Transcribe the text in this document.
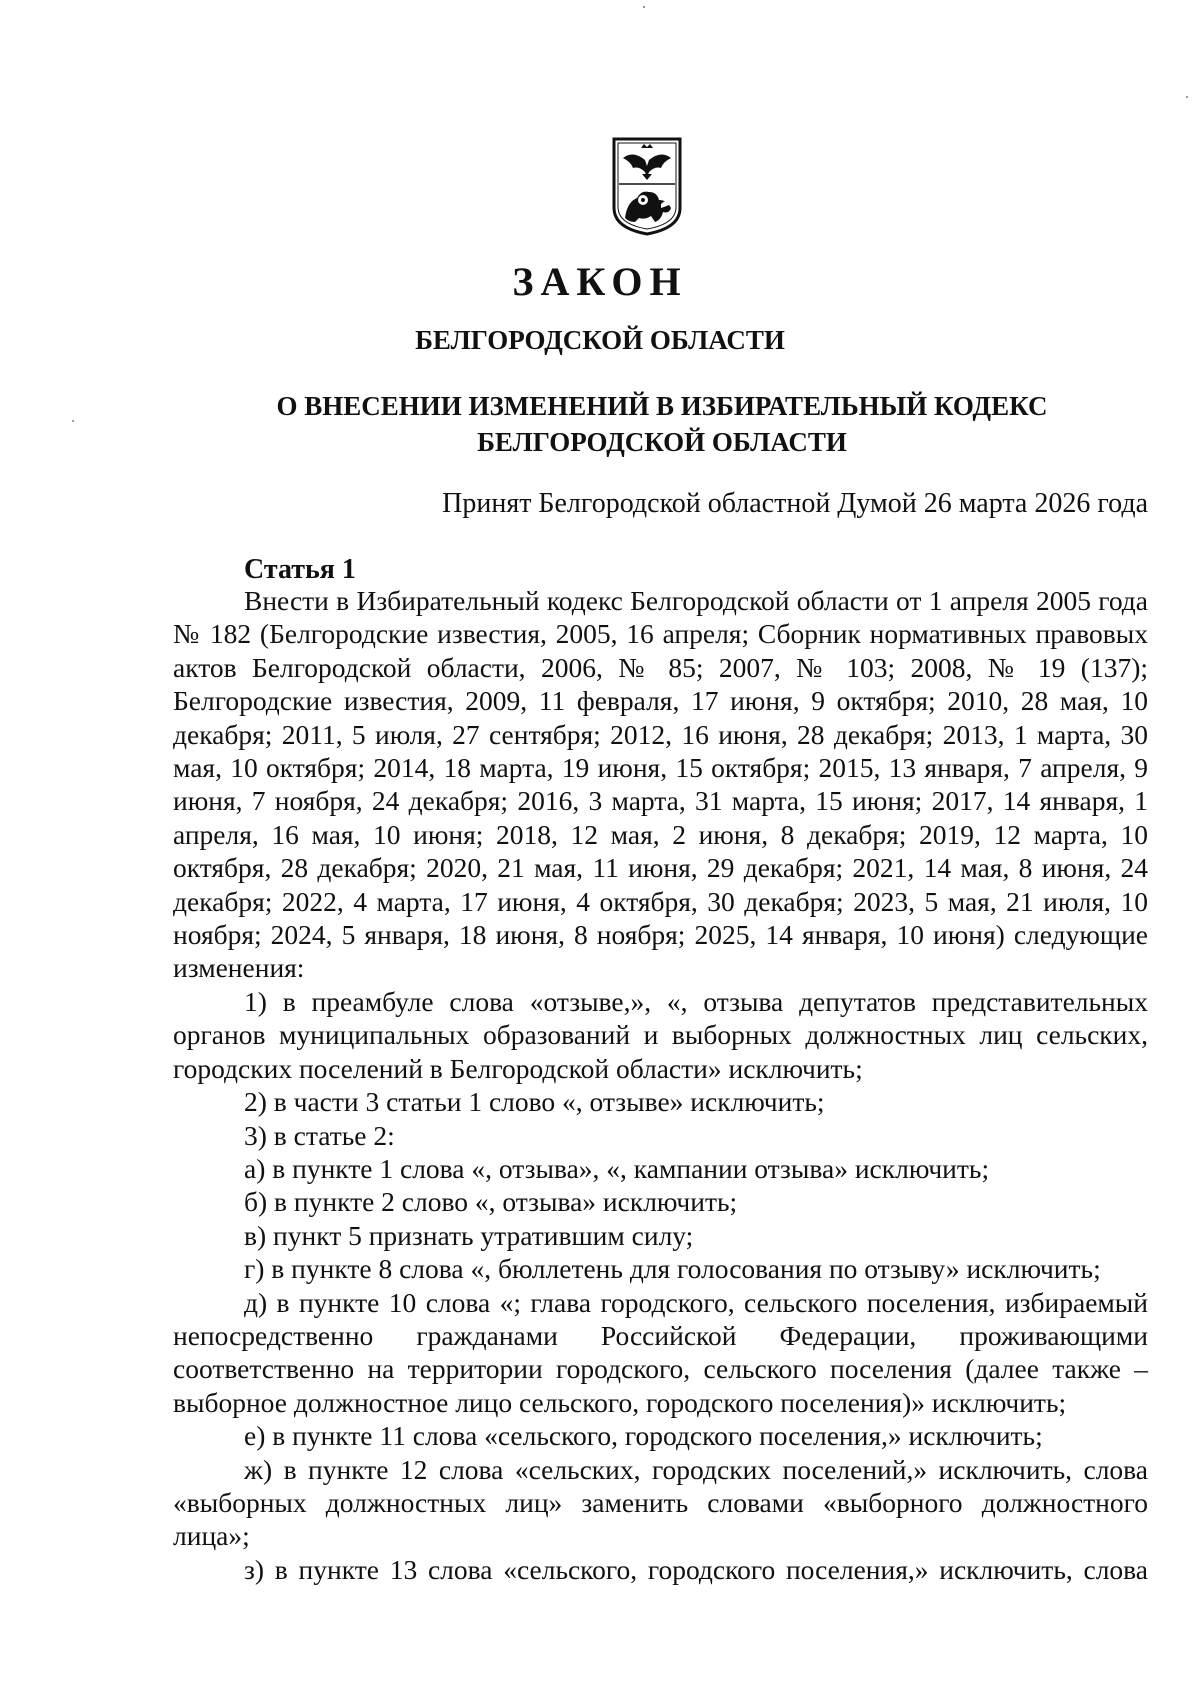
ЗАКОН
БЕЛГОРОДСКОЙ ОБЛАСТИ
О ВНЕСЕНИИ ИЗМЕНЕНИЙ В ИЗБИРАТЕЛЬНЫЙ КОДЕКС
БЕЛГОРОДСКОЙ ОБЛАСТИ
Принят Белгородской областной Думой 26 марта 2026 года
Статья 1

Внести в Избирательный кодекс Белгородской области от 1 апреля 2005 года № 182 (Белгородские известия, 2005, 16 апреля; Сборник нормативных правовых актов Белгородской области, 2006, № 85; 2007, № 103; 2008, № 19 (137); Белгородские известия, 2009, 11 февраля, 17 июня, 9 октября; 2010, 28 мая, 10 декабря; 2011, 5 июля, 27 сентября; 2012, 16 июня, 28 декабря; 2013, 1 марта, 30 мая, 10 октября; 2014, 18 марта, 19 июня, 15 октября; 2015, 13 января, 7 апреля, 9 июня, 7 ноября, 24 декабря; 2016, 3 марта, 31 марта, 15 июня; 2017, 14 января, 1 апреля, 16 мая, 10 июня; 2018, 12 мая, 2 июня, 8 декабря; 2019, 12 марта, 10 октября, 28 декабря; 2020, 21 мая, 11 июня, 29 декабря; 2021, 14 мая, 8 июня, 24 декабря; 2022, 4 марта, 17 июня, 4 октября, 30 декабря; 2023, 5 мая, 21 июля, 10 ноября; 2024, 5 января, 18 июня, 8 ноября; 2025, 14 января, 10 июня) следующие изменения:

1) в преамбуле слова «отзыве,», «, отзыва депутатов представительных органов муниципальных образований и выборных должностных лиц сельских, городских поселений в Белгородской области» исключить;

2) в части 3 статьи 1 слово «, отзыве» исключить;

3) в статье 2:

а) в пункте 1 слова «, отзыва», «, кампании отзыва» исключить;

б) в пункте 2 слово «, отзыва» исключить;

в) пункт 5 признать утратившим силу;

г) в пункте 8 слова «, бюллетень для голосования по отзыву» исключить;

д) в пункте 10 слова «; глава городского, сельского поселения, избираемый непосредственно гражданами Российской Федерации, проживающими соответственно на территории городского, сельского поселения (далее также – выборное должностное лицо сельского, городского поселения)» исключить;

е) в пункте 11 слова «сельского, городского поселения,» исключить;

ж) в пункте 12 слова «сельских, городских поселений,» исключить, слова «выборных должностных лиц» заменить словами «выборного должностного лица»;

з) в пункте 13 слова «сельского, городского поселения,» исключить, слова
